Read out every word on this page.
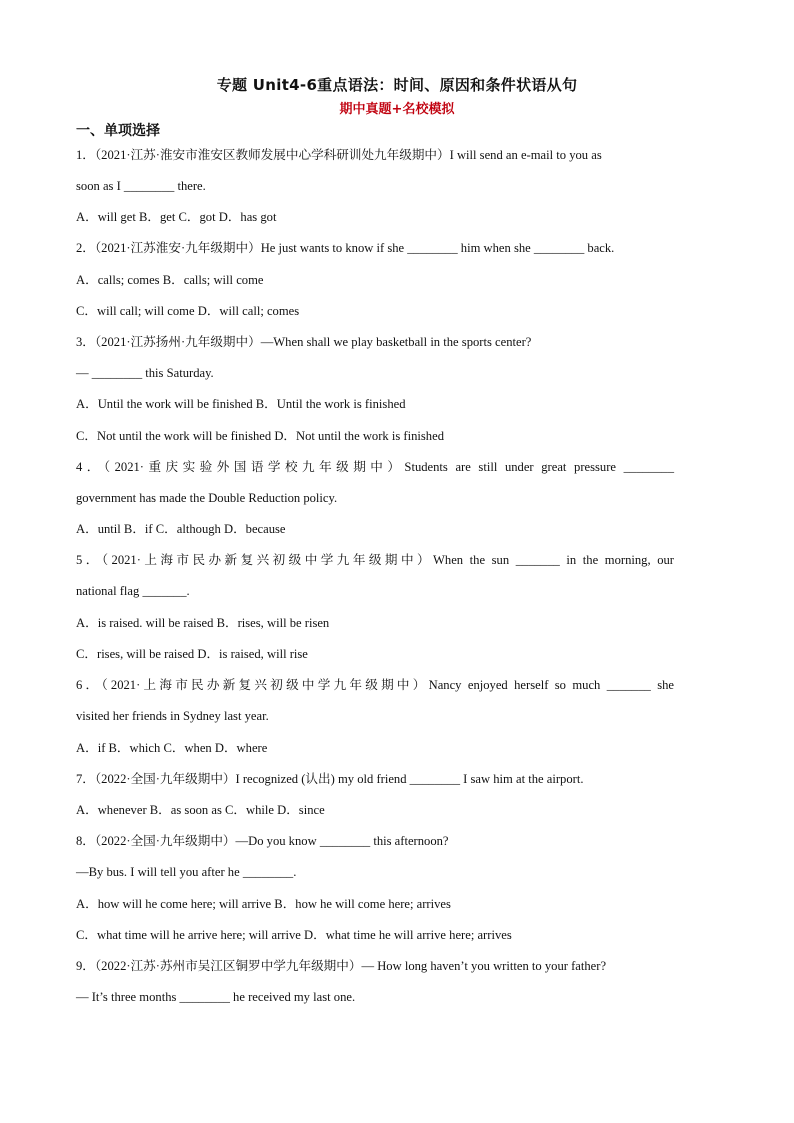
专题 Unit4-6重点语法：时间、原因和条件状语从句
期中真题+名校模拟
一、单项选择
1．（2021·江苏·淮安市淮安区教师发展中心学科研训处九年级期中）I will send an e-mail to you as
soon as I ________ there.
A．will get B．get C．got D．has got
2．（2021·江苏淮安·九年级期中）He just wants to know if she ________ him when she ________ back.
A．calls; comes B．calls; will come
C．will call; will come D．will call; comes
3．（2021·江苏扬州·九年级期中）—When shall we play basketball in the sports center?
— ________ this Saturday.
A．Until the work will be finished B．Until the work is finished
C．Not until the work will be finished D．Not until the work is finished
4．（2021·重庆实验外国语学校九年级期中）Students are still under great pressure ________
government has made the Double Reduction policy.
A．until B．if C．although D．because
5．（2021·上海市民办新复兴初级中学九年级期中）When the sun _______ in the morning, our
national flag _______.
A．is raised. will be raised B．rises, will be risen
C．rises, will be raised D．is raised, will rise
6．（2021·上海市民办新复兴初级中学九年级期中）Nancy enjoyed herself so much _______ she
visited her friends in Sydney last year.
A．if B．which C．when D．where
7．（2022·全国·九年级期中）I recognized (认出) my old friend ________ I saw him at the airport.
A．whenever B．as soon as C．while D．since
8．（2022·全国·九年级期中）—Do you know ________ this afternoon?
—By bus. I will tell you after he ________.
A．how will he come here; will arrive B．how he will come here; arrives
C．what time will he arrive here; will arrive D．what time he will arrive here; arrives
9．（2022·江苏·苏州市吴江区铜罗中学九年级期中）— How long haven’t you written to your father?
— It’s three months ________ he received my last one.
